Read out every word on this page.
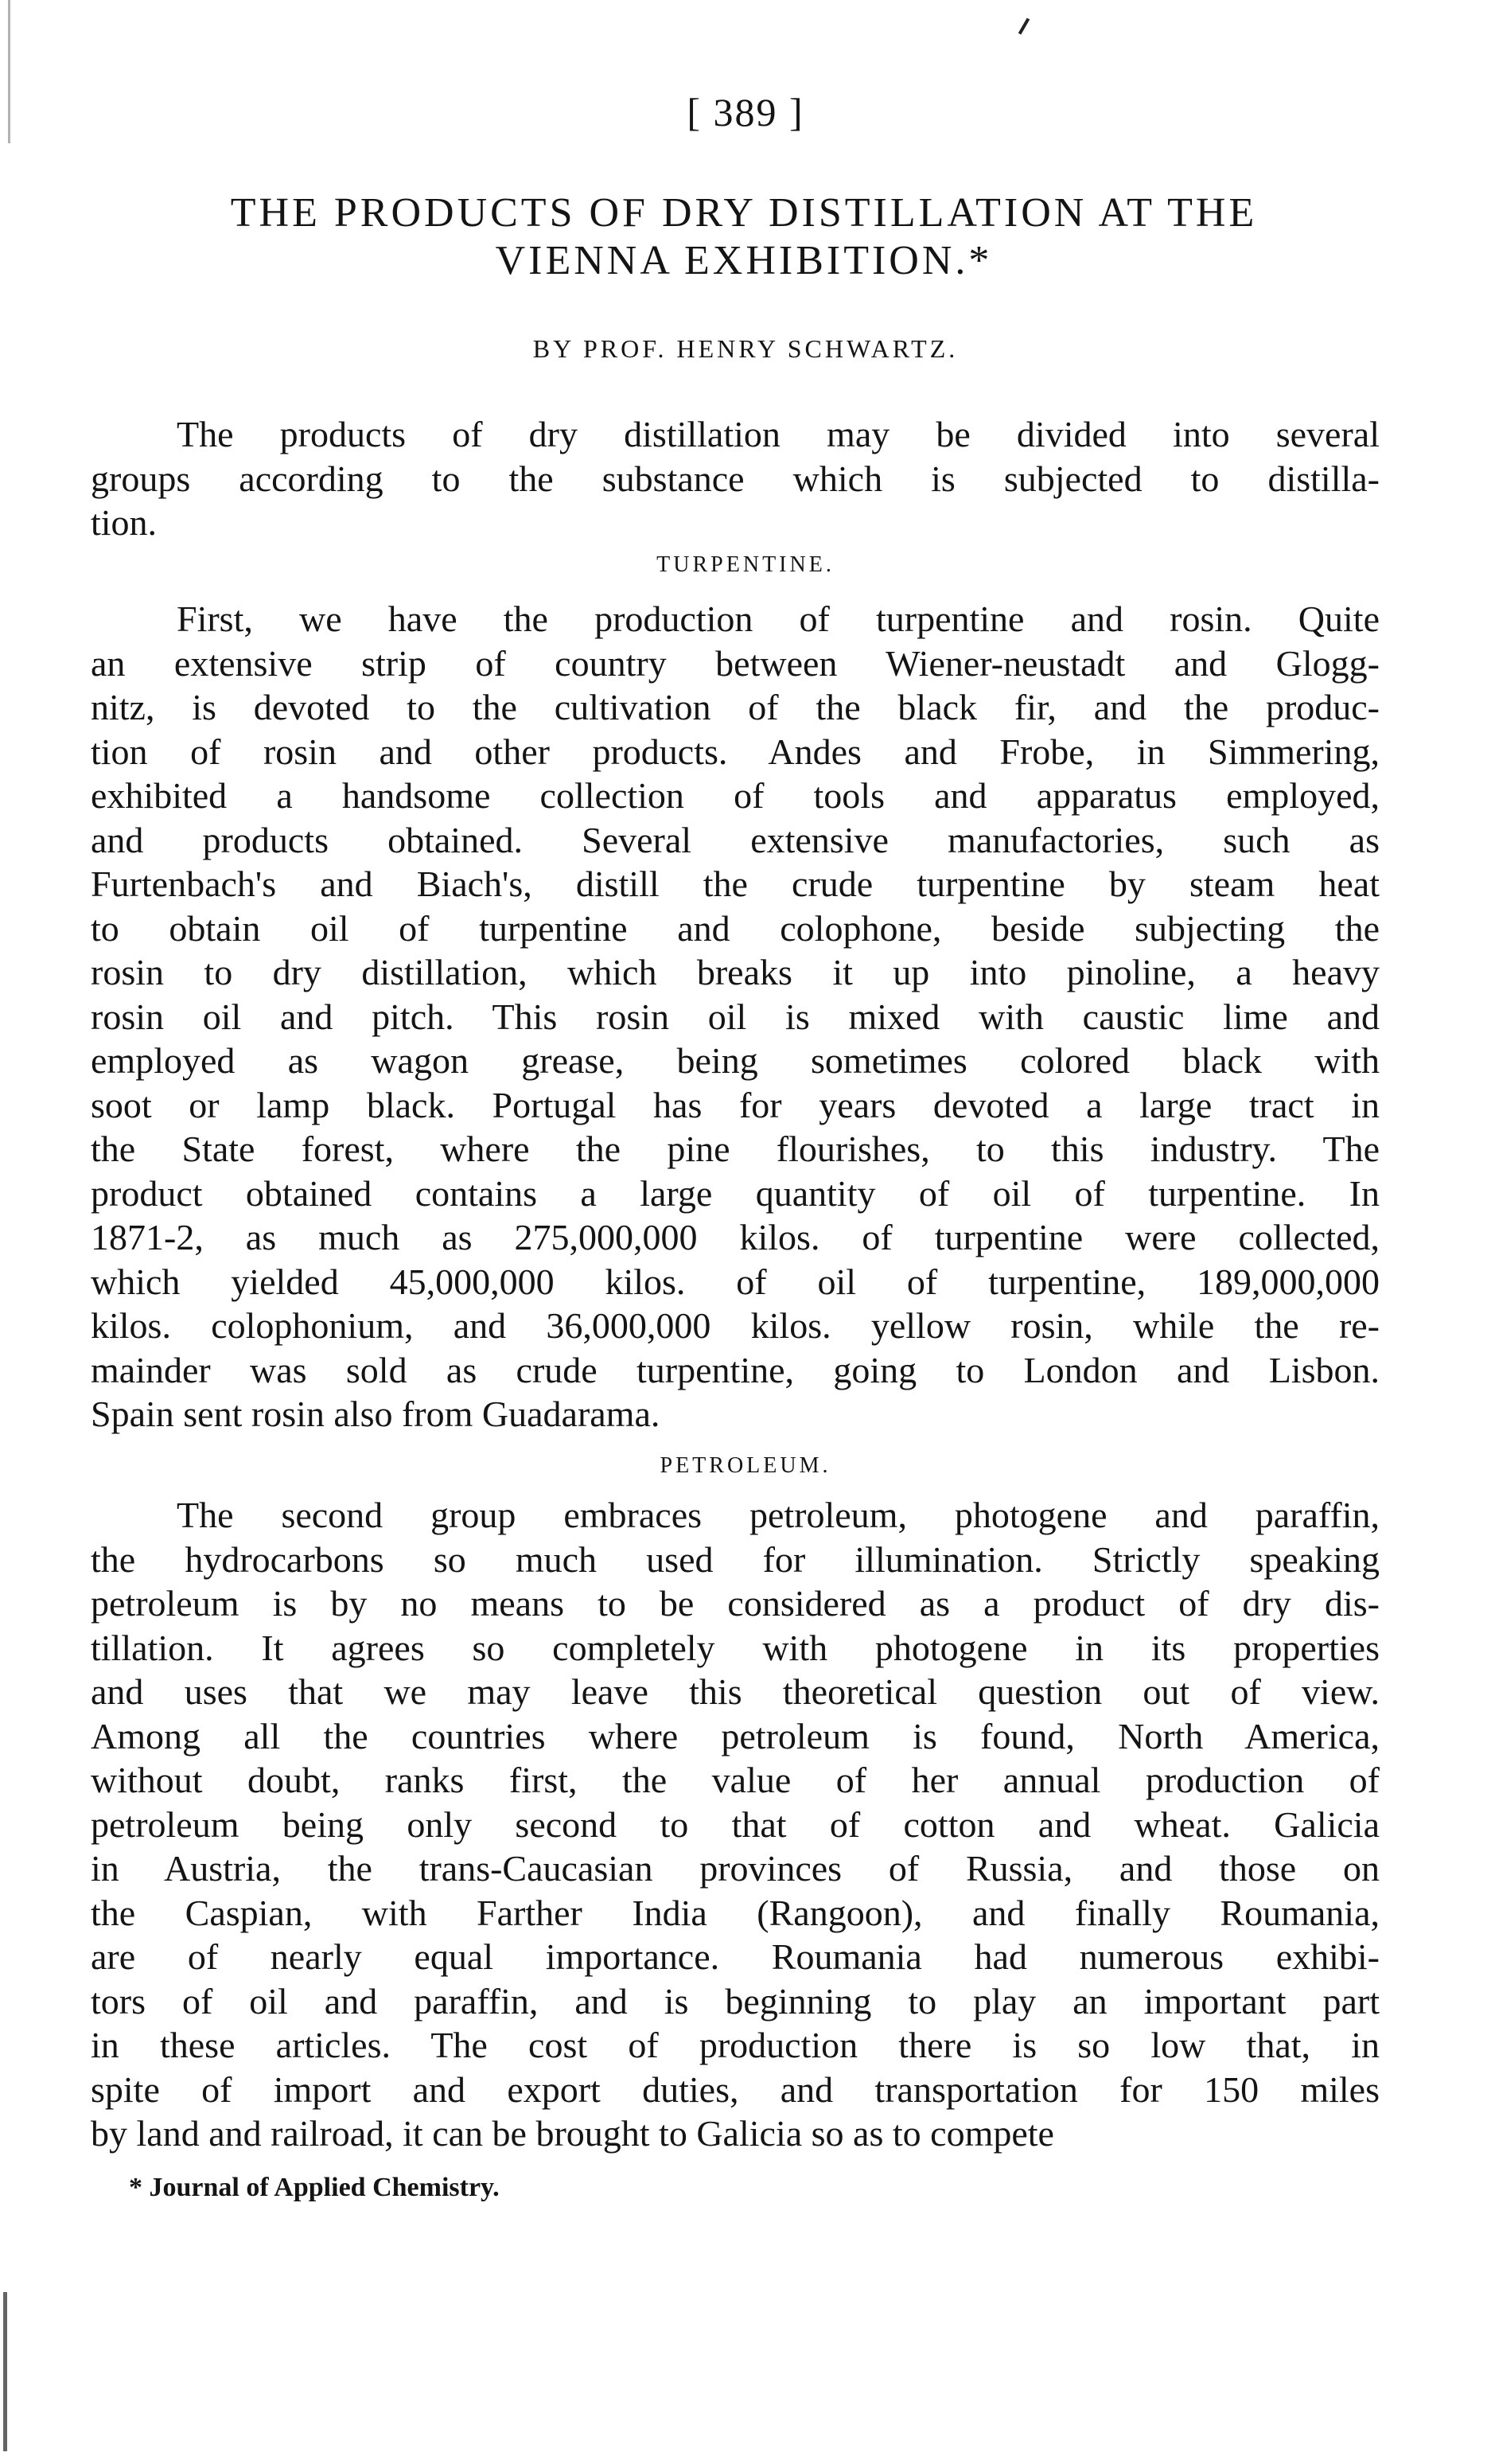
[ 389 ]
THE PRODUCTS OF DRY DISTILLATION AT THE
VIENNA EXHIBITION.*
BY PROF. HENRY SCHWARTZ.
The products of dry distillation may be divided into several
groups according to the substance which is subjected to distilla-
tion.
TURPENTINE.
First, we have the production of turpentine and rosin. Quite
an extensive strip of country between Wiener-neustadt and Glogg-
nitz, is devoted to the cultivation of the black fir, and the produc-
tion of rosin and other products. Andes and Frobe, in Simmering,
exhibited a handsome collection of tools and apparatus employed,
and products obtained. Several extensive manufactories, such as
Furtenbach's and Biach's, distill the crude turpentine by steam heat
to obtain oil of turpentine and colophone, beside subjecting the
rosin to dry distillation, which breaks it up into pinoline, a heavy
rosin oil and pitch. This rosin oil is mixed with caustic lime and
employed as wagon grease, being sometimes colored black with
soot or lamp black. Portugal has for years devoted a large tract in
the State forest, where the pine flourishes, to this industry. The
product obtained contains a large quantity of oil of turpentine. In
1871-2, as much as 275,000,000 kilos. of turpentine were collected,
which yielded 45,000,000 kilos. of oil of turpentine, 189,000,000
kilos. colophonium, and 36,000,000 kilos. yellow rosin, while the re-
mainder was sold as crude turpentine, going to London and Lisbon.
Spain sent rosin also from Guadarama.
PETROLEUM.
The second group embraces petroleum, photogene and paraffin,
the hydrocarbons so much used for illumination. Strictly speaking
petroleum is by no means to be considered as a product of dry dis-
tillation. It agrees so completely with photogene in its properties
and uses that we may leave this theoretical question out of view.
Among all the countries where petroleum is found, North America,
without doubt, ranks first, the value of her annual production of
petroleum being only second to that of cotton and wheat. Galicia
in Austria, the trans-Caucasian provinces of Russia, and those on
the Caspian, with Farther India (Rangoon), and finally Roumania,
are of nearly equal importance. Roumania had numerous exhibi-
tors of oil and paraffin, and is beginning to play an important part
in these articles. The cost of production there is so low that, in
spite of import and export duties, and transportation for 150 miles
by land and railroad, it can be brought to Galicia so as to compete
* Journal of Applied Chemistry.
